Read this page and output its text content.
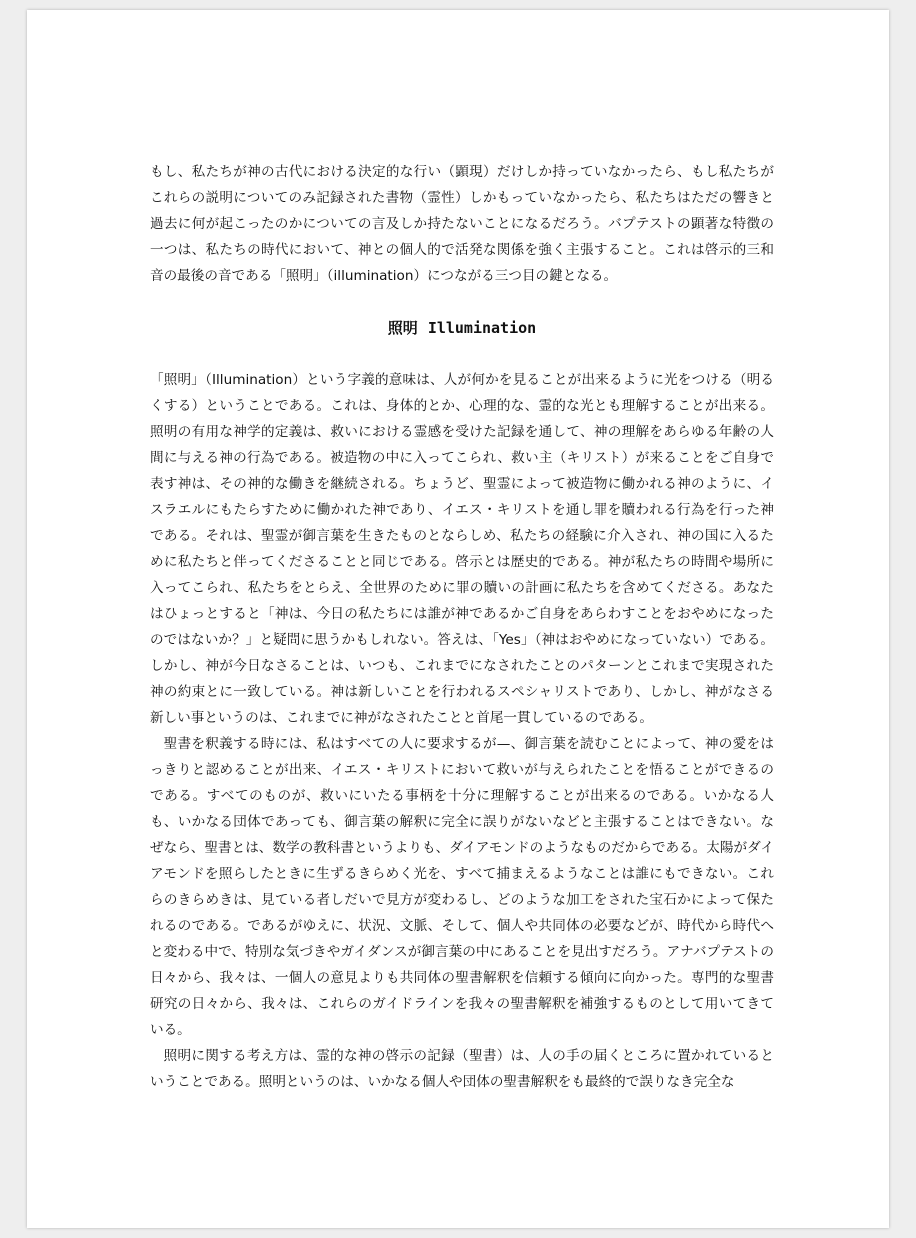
もし、私たちが神の古代における決定的な行い（顕現）だけしか持っていなかったら、もし私たちがこれらの説明についてのみ記録された書物（霊性）しかもっていなかったら、私たちはただの響きと過去に何が起こったのかについての言及しか持たないことになるだろう。バプテストの顕著な特徴の一つは、私たちの時代において、神との個人的で活発な関係を強く主張すること。これは啓示的三和音の最後の音である「照明」（illumination）につながる三つ目の鍵となる。

照明 Illumination

「照明」（Illumination）という字義的意味は、人が何かを見ることが出来るように光をつける（明るくする）ということである。これは、身体的とか、心理的な、霊的な光とも理解することが出来る。照明の有用な神学的定義は、救いにおける霊感を受けた記録を通して、神の理解をあらゆる年齢の人間に与える神の行為である。被造物の中に入ってこられ、救い主（キリスト）が来ることをご自身で表す神は、その神的な働きを継続される。ちょうど、聖霊によって被造物に働かれる神のように、イスラエルにもたらすために働かれた神であり、イエス・キリストを通し罪を贖われる行為を行った神である。それは、聖霊が御言葉を生きたものとならしめ、私たちの経験に介入され、神の国に入るために私たちと伴ってくださることと同じである。啓示とは歴史的である。神が私たちの時間や場所に入ってこられ、私たちをとらえ、全世界のために罪の贖いの計画に私たちを含めてくださる。あなたはひょっとすると「神は、今日の私たちには誰が神であるかご自身をあらわすことをおやめになったのではないか？」と疑問に思うかもしれない。答えは、「Yes」（神はおやめになっていない）である。しかし、神が今日なさることは、いつも、これまでになされたことのパターンとこれまで実現された神の約束とに一致している。神は新しいことを行われるスペシャリストであり、しかし、神がなさる新しい事というのは、これまでに神がなされたことと首尾一貫しているのである。

聖書を釈義する時には、私はすべての人に要求するが—、御言葉を読むことによって、神の愛をはっきりと認めることが出来、イエス・キリストにおいて救いが与えられたことを悟ることができるのである。すべてのものが、救いにいたる事柄を十分に理解することが出来るのである。いかなる人も、いかなる団体であっても、御言葉の解釈に完全に誤りがないなどと主張することはできない。なぜなら、聖書とは、数学の教科書というよりも、ダイアモンドのようなものだからである。太陽がダイアモンドを照らしたときに生ずるきらめく光を、すべて捕まえるようなことは誰にもできない。これらのきらめきは、見ている者しだいで見方が変わるし、どのような加工をされた宝石かによって保たれるのである。であるがゆえに、状況、文脈、そして、個人や共同体の必要などが、時代から時代へと変わる中で、特別な気づきやガイダンスが御言葉の中にあることを見出すだろう。アナバプテストの日々から、我々は、一個人の意見よりも共同体の聖書解釈を信頼する傾向に向かった。専門的な聖書研究の日々から、我々は、これらのガイドラインを我々の聖書解釈を補強するものとして用いてきている。

照明に関する考え方は、霊的な神の啓示の記録（聖書）は、人の手の届くところに置かれているということである。照明というのは、いかなる個人や団体の聖書解釈をも最終的で誤りなき完全な
